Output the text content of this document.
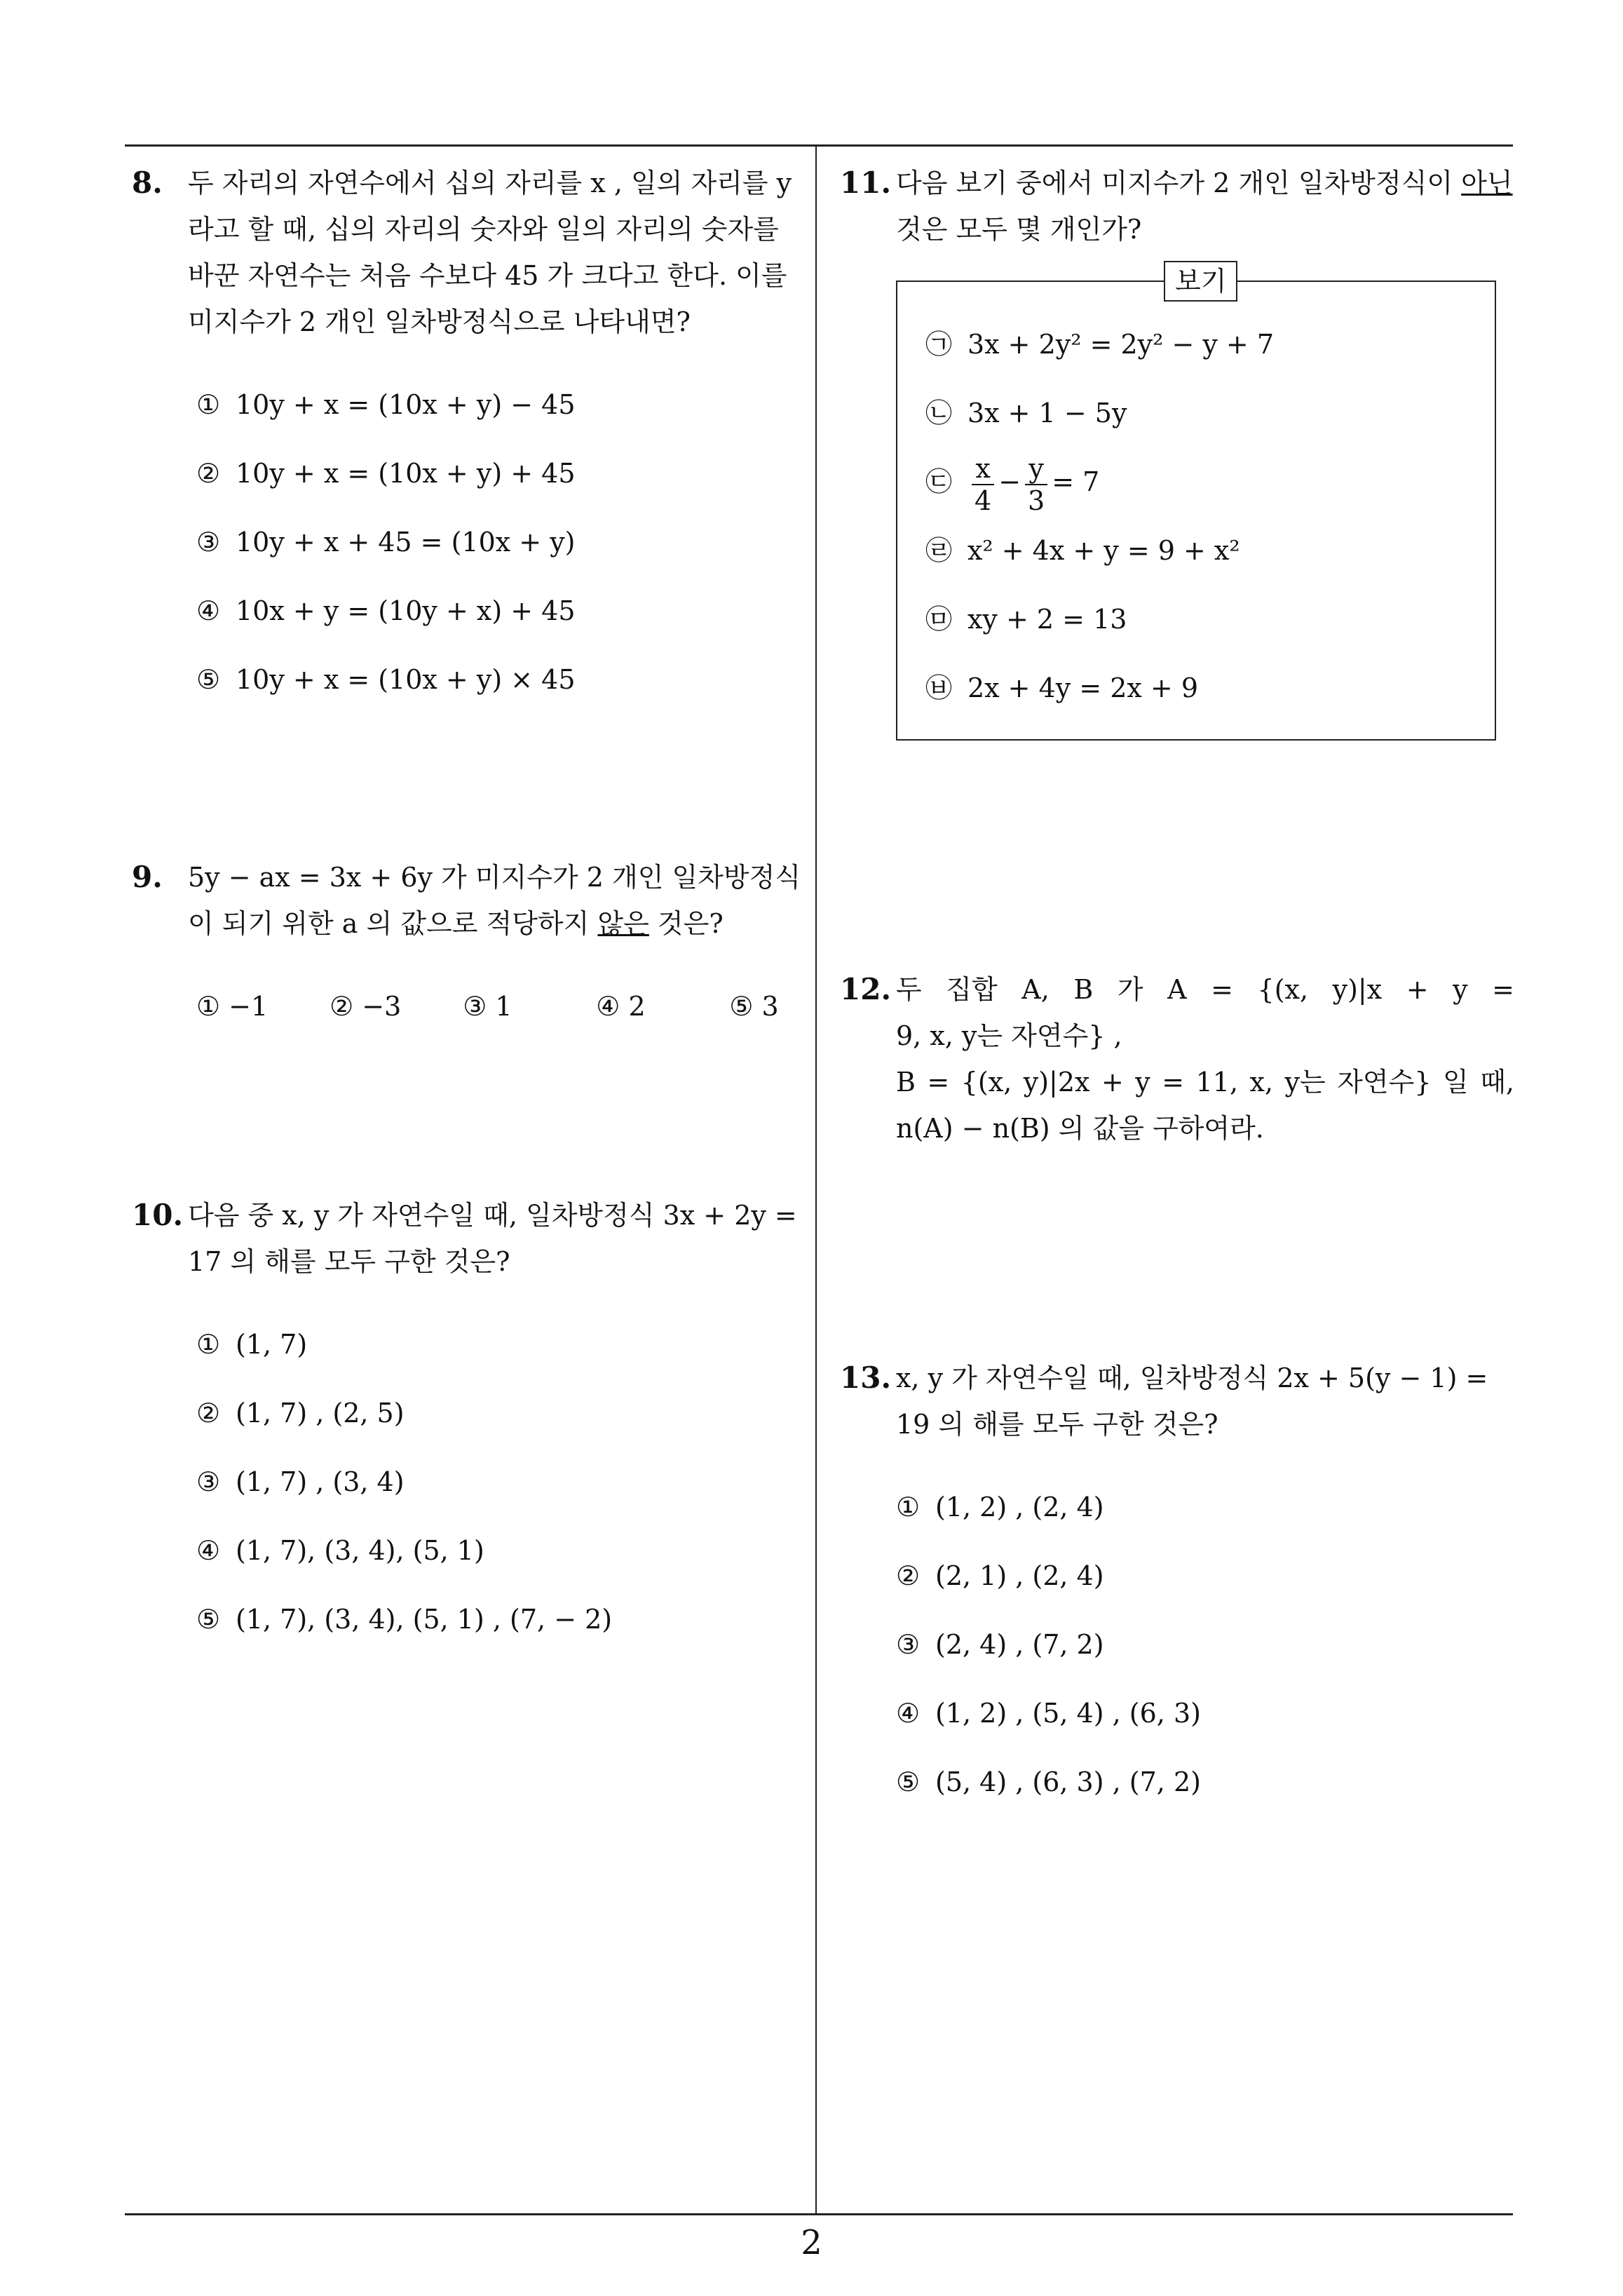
8. 두 자리의 자연수에서 십의 자리를 x , 일의 자리를 y 라고 할 때, 십의 자리의 숫자와 일의 자리의 숫자를 바꾼 자연수는 처음 수보다 45 가 크다고 한다. 이를 미지수가 2 개인 일차방정식으로 나타내면?
① 10y + x = (10x + y) − 45
② 10y + x = (10x + y) + 45
③ 10y + x + 45 = (10x + y)
④ 10x + y = (10y + x) + 45
⑤ 10y + x = (10x + y) × 45
9. 5y − ax = 3x + 6y 가 미지수가 2 개인 일차방정식이 되기 위한 a 의 값으로 적당하지 않은 것은?
① −1 ② −3 ③ 1	④ 2	⑤ 3
10. 다음 중 x, y 가 자연수일 때, 일차방정식 3x + 2y = 17 의 해를 모두 구한 것은?
① (1, 7)
② (1, 7) , (2, 5)
③ (1, 7) , (3, 4)
④ (1, 7), (3, 4), (5, 1)
⑤ (1, 7), (3, 4), (5, 1) , (7, − 2)
11. 다음 보기 중에서 미지수가 2 개인 일차방정식이 아닌 것은 모두 몇 개인가?
보기
㉠ 3x + 2y² = 2y² − y + 7
㉡ 3x + 1 − 5y
㉢ $\frac{x}{4} - \frac{y}{3} = 7$
㉣ x² + 4x + y = 9 + x²
㉤ xy + 2 = 13
㉥ 2x + 4y = 2x + 9
12. 두 집합 A, B 가 A = {(x, y)|x + y =
9, x, y는 자연수} ,
B = {(x, y)|2x + y = 11, x, y는 자연수} 일 때,
n(A) − n(B) 의 값을 구하여라.
13. x, y 가 자연수일 때, 일차방정식 2x + 5(y − 1) = 19 의 해를 모두 구한 것은?
① (1, 2) , (2, 4)
② (2, 1) , (2, 4)
③ (2, 4) , (7, 2)
④ (1, 2) , (5, 4) , (6, 3)
⑤ (5, 4) , (6, 3) , (7, 2)
2
